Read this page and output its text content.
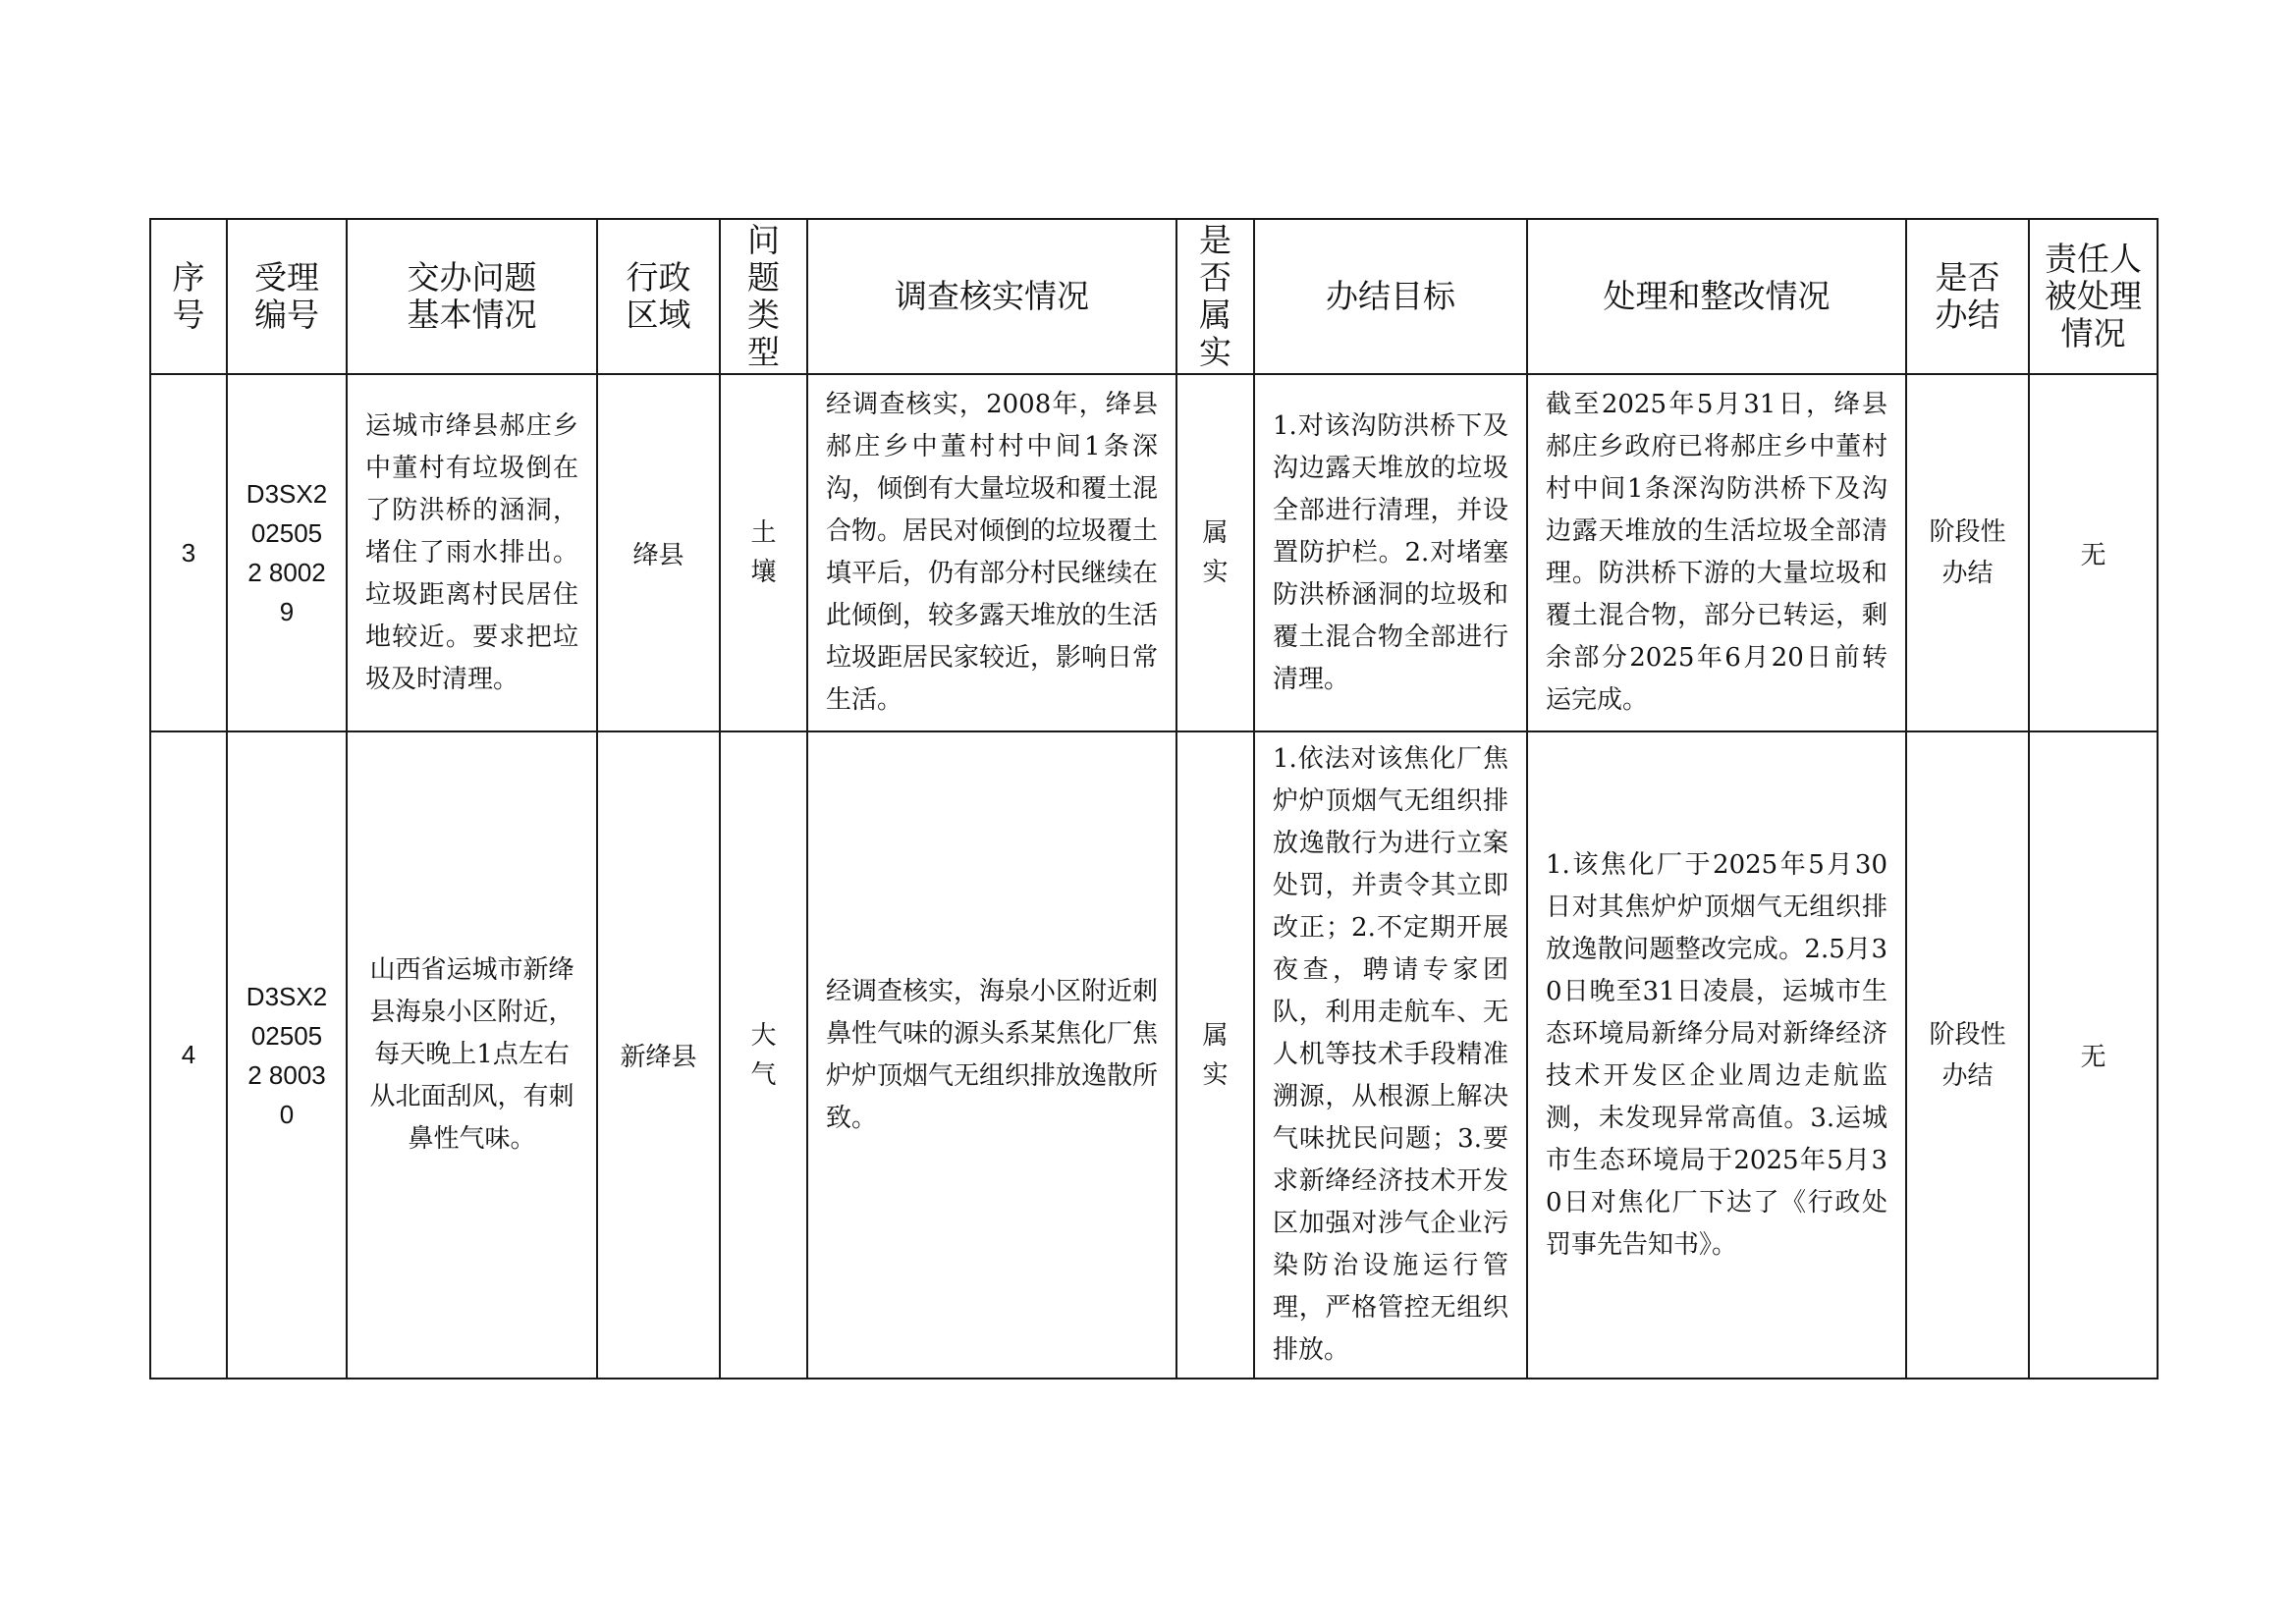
序号	受理编号	交办问题基本情况	行政区域	问题类型	调查核实情况	是否属实	办结目标	处理和整改情况	是否办结	责任人被处理情况

3	D3SX2025052 80029	运城市绛县郝庄乡中董村有垃圾倒在了防洪桥的涵洞，堵住了雨水排出。垃圾距离村民居住地较近。要求把垃圾及时清理。	绛县	土壤	经调查核实，2008年，绛县郝庄乡中董村村中间1条深沟，倾倒有大量垃圾和覆土混合物。居民对倾倒的垃圾覆土填平后，仍有部分村民继续在此倾倒，较多露天堆放的生活垃圾距居民家较近，影响日常生活。	属实	1.对该沟防洪桥下及沟边露天堆放的垃圾全部进行清理，并设置防护栏。2.对堵塞防洪桥涵洞的垃圾和覆土混合物全部进行清理。	截至2025年5月31日，绛县郝庄乡政府已将郝庄乡中董村村中间1条深沟防洪桥下及沟边露天堆放的生活垃圾全部清理。防洪桥下游的大量垃圾和覆土混合物，部分已转运，剩余部分2025年6月20日前转运完成。	阶段性办结	无
4	D3SX2025052 80030	山西省运城市新绛县海泉小区附近，每天晚上1点左右从北面刮风，有刺鼻性气味。	新绛县	大气	经调查核实，海泉小区附近刺鼻性气味的源头系某焦化厂焦炉炉顶烟气无组织排放逸散所致。	属实	1.依法对该焦化厂焦炉炉顶烟气无组织排放逸散行为进行立案处罚，并责令其立即改正；2.不定期开展夜查，聘请专家团队，利用走航车、无人机等技术手段精准溯源，从根源上解决气味扰民问题；3.要求新绛经济技术开发区加强对涉气企业污染防治设施运行管理，严格管控无组织排放。	1.该焦化厂于2025年5月30日对其焦炉炉顶烟气无组织排放逸散问题整改完成。2.5月30日晚至31日凌晨，运城市生态环境局新绛分局对新绛经济技术开发区企业周边走航监测，未发现异常高值。3.运城市生态环境局于2025年5月30日对焦化厂下达了《行政处罚事先告知书》。	阶段性办结	无
